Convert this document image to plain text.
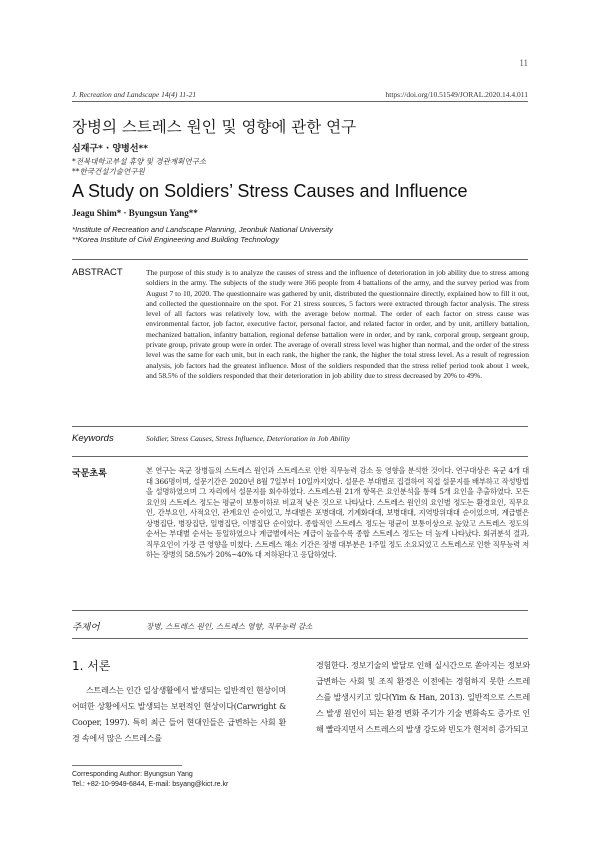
11
J. Recreation and Landscape 14(4) 11-21	https://doi.org/10.51549/JORAL.2020.14.4.011
장병의 스트레스 원인 및 영향에 관한 연구
심재구* · 양병선**
*전북대학교부설 휴양 및 경관계획연구소
**한국건설기술연구원
A Study on Soldiers’ Stress Causes and Influence
Jeagu Shim* · Byungsun Yang**
*Institute of Recreation and Landscape Planning, Jeonbuk National University
**Korea Institute of Civil Engineering and Building Technology
ABSTRACT	The purpose of this study is to analyze the causes of stress and the influence of deterioration in job ability due to stress among soldiers in the army. The subjects of the study were 366 people from 4 battalions of the army, and the survey period was from August 7 to 10, 2020. The questionnaire was gathered by unit, distributed the questionnaire directly, explained how to fill it out, and collected the questionnaire on the spot. For 21 stress sources, 5 factors were extracted through factor analysis. The stress level of all factors was relatively low, with the average below normal. The order of each factor on stress cause was environmental factor, job factor, executive factor, personal factor, and related factor in order, and by unit, artillery battalion, mechanized battalion, infantry battalion, regional defense battalion were in order, and by rank, corporal group, sergeant group, private group, private group were in order. The average of overall stress level was higher than normal, and the order of the stress level was the same for each unit, but in each rank, the higher the rank, the higher the total stress level. As a result of regression analysis, job factors had the greatest influence. Most of the soldiers responded that the stress relief period took about 1 week, and 58.5% of the soldiers responded that their deterioration in job ability due to stress decreased by 20% to 49%.
Keywords	Soldier, Stress Causes, Stress Influence, Deterioration in Job Ability
국문초록	본 연구는 육군 장병들의 스트레스 원인과 스트레스로 인한 직무능력 감소 등 영향을 분석한 것이다. 연구대상은 육군 4개 대대 366명이며, 설문기간은 2020년 8월 7일부터 10일까지였다. 설문은 부대별로 집결하여 직접 설문지를 배부하고 작성방법을 설명하였으며 그 자리에서 설문지를 회수하였다. 스트레스원 21개 항목은 요인분석을 통해 5개 요인을 추출하였다. 모든 요인의 스트레스 정도는 평균이 보통이하로 비교적 낮은 것으로 나타났다. 스트레스 원인의 요인별 정도는 환경요인, 직무요인, 간부요인, 사적요인, 관계요인 순이었고, 부대별은 포병대대, 기계화대대, 보병대대, 지역방위대대 순이었으며, 계급별은 상병집단, 병장집단, 일병집단, 이병집단 순이었다. 종합적인 스트레스 정도는 평균이 보통이상으로 높았고 스트레스 정도의 순서는 부대별 순서는 동일하였으나 계급별에서는 계급이 높을수록 종합 스트레스 정도는 더 높게 나타났다. 회귀분석 결과, 직무요인이 가장 큰 영향을 미쳤다. 스트레스 해소 기간은 장병 대부분은 1주일 정도 소요되었고 스트레스로 인한 직무능력 저하는 장병의 58.5%가 20%~40% 대 저하된다고 응답하였다.
주제어	장병, 스트레스 원인, 스트레스 영향, 직무능력 감소
1. 서론
스트레스는 인간 일상생활에서 발생되는 일반적인 현상이며 어떠한 상황에서도 발생되는 보편적인 현상이다(Carwright & Cooper, 1997). 특히 최근 들어 현대인들은 급변하는 사회 환경 속에서 많은 스트레스를
경험한다. 정보기술의 발달로 인해 실시간으로 쏟아지는 정보와 급변하는 사회 및 조직 환경은 이전에는 경험하지 못한 스트레스를 발생시키고 있다(Yim & Han, 2013). 일반적으로 스트레스 발생 원인이 되는 환경 변화 주기가 기술 변화속도 증가로 인해 빨라지면서 스트레스의 발생 강도와 빈도가 현저히 증가되고
Corresponding Author: Byungsun Yang
Tel.: +82-10-9949-6844, E-mail: bsyang@kict.re.kr
